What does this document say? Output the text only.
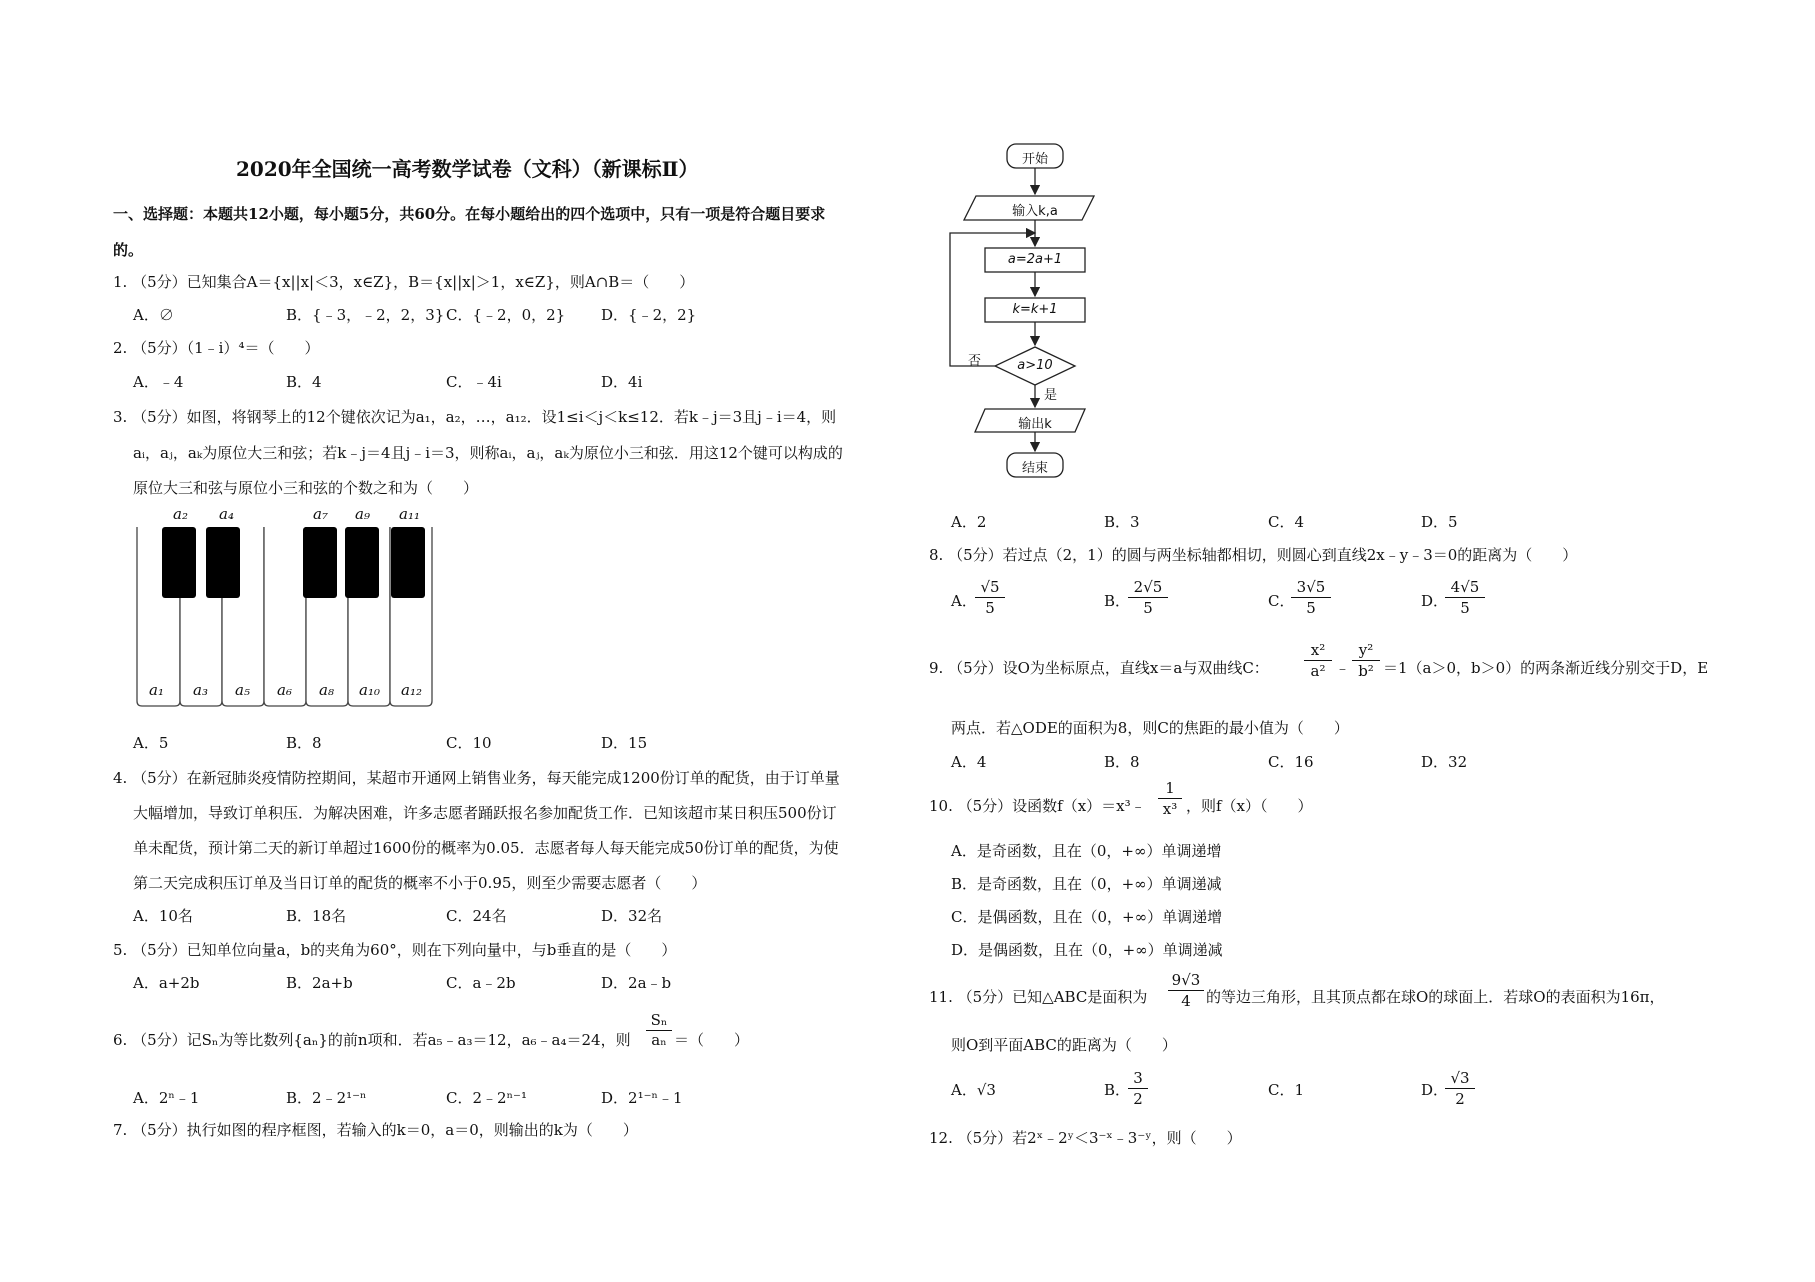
2020年全国统一高考数学试卷（文科）（新课标Ⅱ）
一、选择题：本题共12小题，每小题5分，共60分。在每小题给出的四个选项中，只有一项是符合题目要求
的。
1. （5分）已知集合A＝{x||x|＜3，x∈Z}，B＝{x||x|＞1，x∈Z}，则A∩B＝（　　）
A．∅	B．{﹣3，﹣2，2，3} C．{﹣2，0，2} D．{﹣2，2}
2. （5分）（1﹣i）⁴＝（　　）
A．﹣4	B．4	C．﹣4i	D．4i
3. （5分）如图，将钢琴上的12个键依次记为a₁，a₂，…，a₁₂．设1≤i＜j＜k≤12．若k﹣j＝3且j﹣i＝4，则
aᵢ，aⱼ，aₖ为原位大三和弦；若k﹣j＝4且j﹣i＝3，则称aᵢ，aⱼ，aₖ为原位小三和弦．用这12个键可以构成的
原位大三和弦与原位小三和弦的个数之和为（　　）
a₂ a₄	a₇ a₉ a₁₁
a₁ a₃ a₅ a₆ a₈ a₁₀ a₁₂
A．5	B．8	C．10	D．15
4. （5分）在新冠肺炎疫情防控期间，某超市开通网上销售业务，每天能完成1200份订单的配货，由于订单量
大幅增加，导致订单积压．为解决困难，许多志愿者踊跃报名参加配货工作．已知该超市某日积压500份订
单未配货，预计第二天的新订单超过1600份的概率为0.05．志愿者每人每天能完成50份订单的配货，为使
第二天完成积压订单及当日订单的配货的概率不小于0.95，则至少需要志愿者（　　）
A．10名	B．18名	C．24名	D．32名
5. （5分）已知单位向量a，b的夹角为60°，则在下列向量中，与b垂直的是（　　）
A．a+2b	B．2a+b	C．a﹣2b	D．2a﹣b
6. （5分）记Sₙ为等比数列{aₙ}的前n项和．若a₅﹣a₃＝12，a₆﹣a₄＝24，则 $\frac{\text{Sₙ}}{\text{aₙ}}$ ＝（　　）
A．2ⁿ﹣1	B．2﹣2¹⁻ⁿ	C．2﹣2ⁿ⁻¹	D．2¹⁻ⁿ﹣1
7. （5分）执行如图的程序框图，若输入的k＝0，a＝0，则输出的k为（　　）
开始
输入k,a
a=2a+1
k=k+1
a>10
否
是
输出k
结束
A．2	B．3	C．4	D．5
8. （5分）若过点（2，1）的圆与两坐标轴都相切，则圆心到直线2x﹣y﹣3＝0的距离为（　　）
A．
$\frac{√5}{5}$	B．
$\frac{2√5}{5}$	C．
$\frac{3√5}{5}$	D．
$\frac{4√5}{5}$
9. （5分）设O为坐标原点，直线x＝a与双曲线C： $\frac{\text{x²}}{\text{a²}}$ ﹣ $\frac{\text{y²}}{\text{b²}} =1(a>0$，b＞0）的两条渐近线分别交于D，E
两点．若△ODE的面积为8，则C的焦距的最小值为（　　）
A．4	B．8	C．16	D．32
10. （5分）设函数f（x）＝x³﹣ $\frac{1}{\text{x³}}$ ，则f（x）（　　）
A．是奇函数，且在（0，+∞）单调递增
B．是奇函数，且在（0，+∞）单调递减
C．是偶函数，且在（0，+∞）单调递增
D．是偶函数，且在（0，+∞）单调递减
11. （5分）已知△ABC是面积为 $\frac{9√3}{4}$ 的等边三角形，且其顶点都在球O的球面上．若球O的表面积为16π，
则O到平面ABC的距离为（　　）
A．√3	B．
$\frac{3}{2}$	C．1	D．
$\frac{√3}{2}$
12. （5分）若2ˣ﹣2ʸ＜3⁻ˣ﹣3⁻ʸ，则（　　）
